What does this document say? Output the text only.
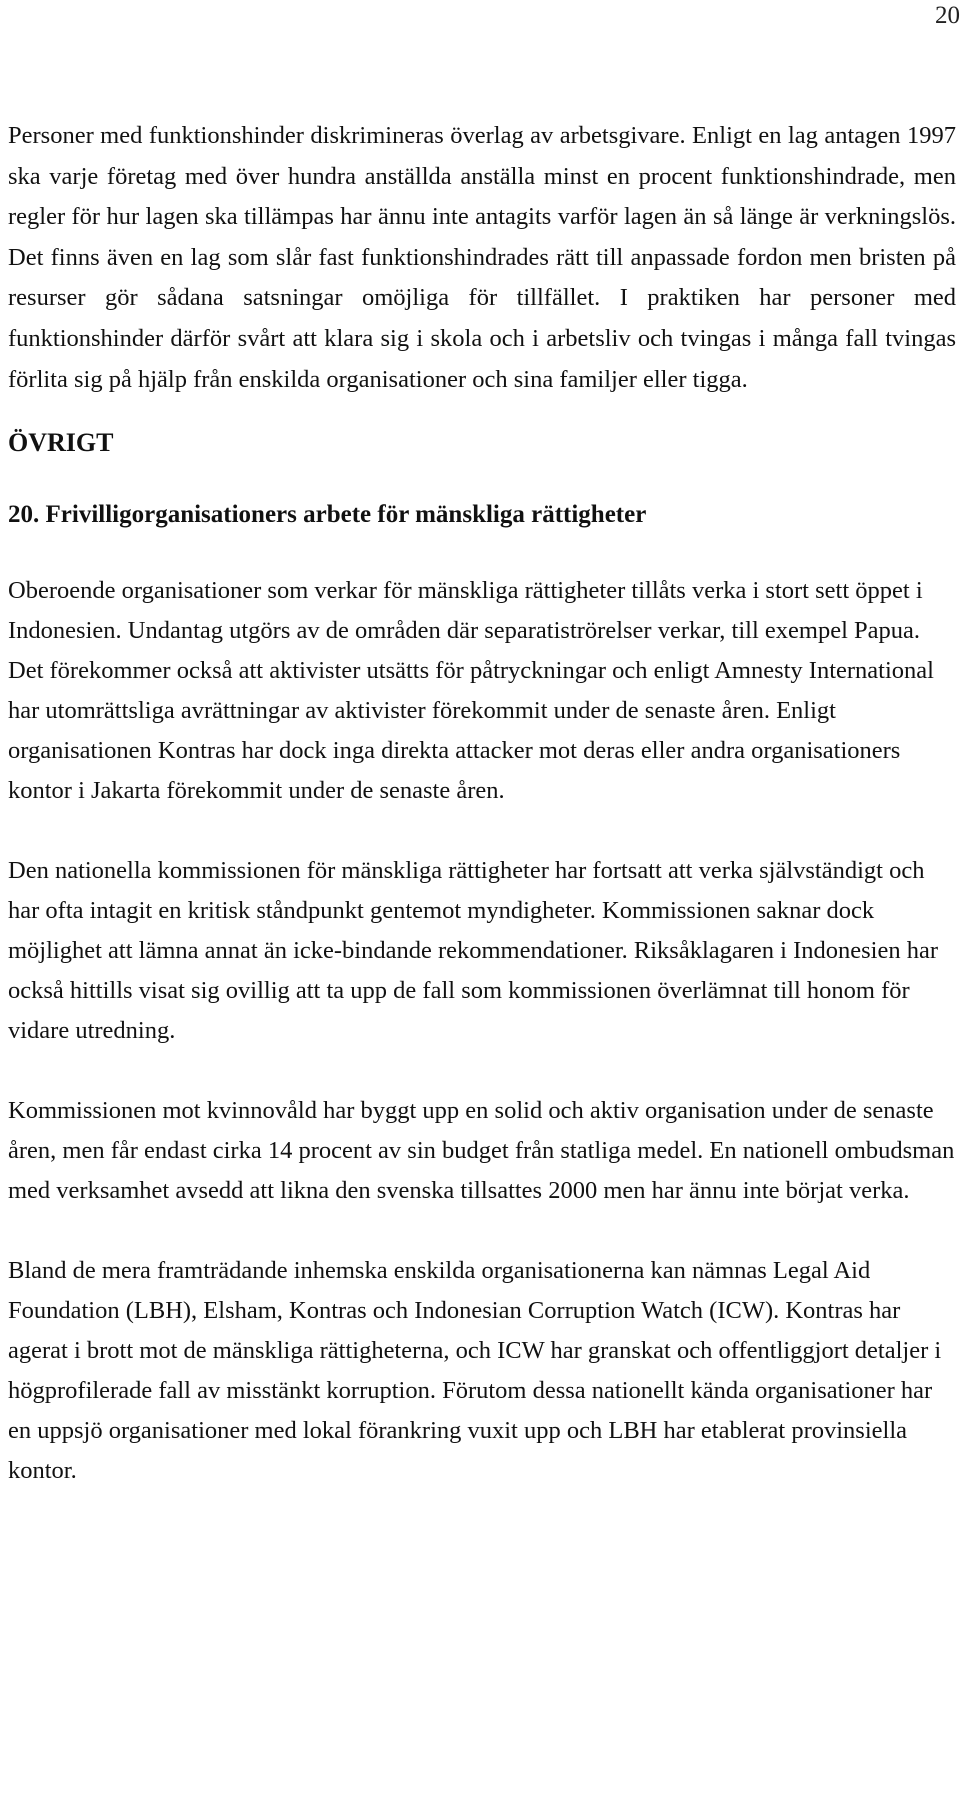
20

Personer med funktionshinder diskrimineras överlag av arbetsgivare. Enligt en lag antagen 1997 ska varje företag med över hundra anställda anställa minst en procent funktionshindrade, men regler för hur lagen ska tillämpas har ännu inte antagits varför lagen än så länge är verkningslös. Det finns även en lag som slår fast funktionshindrades rätt till anpassade fordon men bristen på resurser gör sådana satsningar omöjliga för tillfället. I praktiken har personer med funktionshinder därför svårt att klara sig i skola och i arbetsliv och tvingas i många fall tvingas förlita sig på hjälp från enskilda organisationer och sina familjer eller tigga.

ÖVRIGT
20. Frivilligorganisationers arbete för mänskliga rättigheter

Oberoende organisationer som verkar för mänskliga rättigheter tillåts verka i stort sett öppet i Indonesien. Undantag utgörs av de områden där separatiströrelser verkar, till exempel Papua. Det förekommer också att aktivister utsätts för påtryckningar och enligt Amnesty International har utomrättsliga avrättningar av aktivister förekommit under de senaste åren. Enligt organisationen Kontras har dock inga direkta attacker mot deras eller andra organisationers kontor i Jakarta förekommit under de senaste åren.

Den nationella kommissionen för mänskliga rättigheter har fortsatt att verka självständigt och har ofta intagit en kritisk ståndpunkt gentemot myndigheter. Kommissionen saknar dock möjlighet att lämna annat än icke-bindande rekommendationer. Riksåklagaren i Indonesien har också hittills visat sig ovillig att ta upp de fall som kommissionen överlämnat till honom för vidare utredning.

Kommissionen mot kvinnovåld har byggt upp en solid och aktiv organisation under de senaste åren, men får endast cirka 14 procent av sin budget från statliga medel. En nationell ombudsman med verksamhet avsedd att likna den svenska tillsattes 2000 men har ännu inte börjat verka.

Bland de mera framträdande inhemska enskilda organisationerna kan nämnas Legal Aid Foundation (LBH), Elsham, Kontras och Indonesian Corruption Watch (ICW). Kontras har agerat i brott mot de mänskliga rättigheterna, och ICW har granskat och offentliggjort detaljer i högprofilerade fall av misstänkt korruption. Förutom dessa nationellt kända organisationer har en uppsjö organisationer med lokal förankring vuxit upp och LBH har etablerat provinsiella kontor.
